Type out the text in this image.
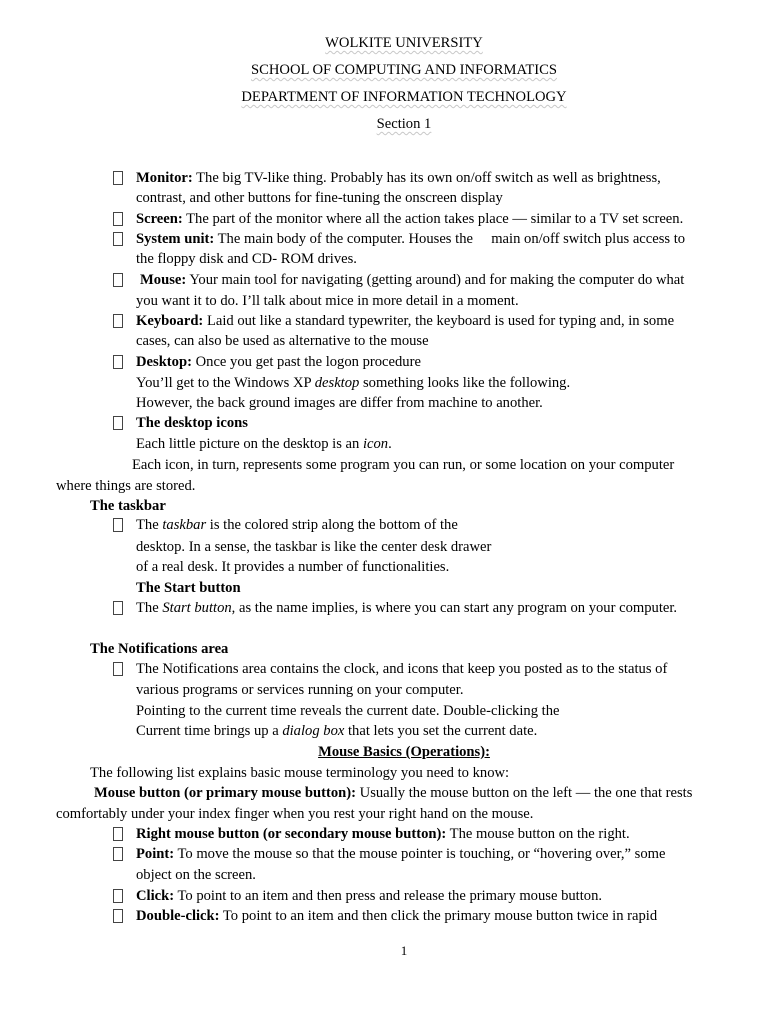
WOLKITE UNIVERSITY
SCHOOL OF COMPUTING AND INFORMATICS
DEPARTMENT OF INFORMATION TECHNOLOGY
Section 1
Monitor: The big TV-like thing. Probably has its own on/off switch as well as brightness,
contrast, and other buttons for fine-tuning the onscreen display
Screen: The part of the monitor where all the action takes place — similar to a TV set screen.
System unit: The main body of the computer. Houses the     main on/off switch plus access to
the floppy disk and CD- ROM drives.
Mouse: Your main tool for navigating (getting around) and for making the computer do what
you want it to do. I’ll talk about mice in more detail in a moment.
Keyboard: Laid out like a standard typewriter, the keyboard is used for typing and, in some
cases, can also be used as alternative to the mouse
Desktop: Once you get past the logon procedure
You’ll get to the Windows XP desktop something looks like the following.
However, the back ground images are differ from machine to another.
The desktop icons
Each little picture on the desktop is an icon.
Each icon, in turn, represents some program you can run, or some location on your computer
where things are stored.
The taskbar
The taskbar is the colored strip along the bottom of the
desktop. In a sense, the taskbar is like the center desk drawer
of a real desk. It provides a number of functionalities.
The Start button
The Start button, as the name implies, is where you can start any program on your computer.
The Notifications area
The Notifications area contains the clock, and icons that keep you posted as to the status of
various programs or services running on your computer.
Pointing to the current time reveals the current date. Double-clicking the
Current time brings up a dialog box that lets you set the current date.
Mouse Basics (Operations):
The following list explains basic mouse terminology you need to know:
Mouse button (or primary mouse button): Usually the mouse button on the left — the one that rests
comfortably under your index finger when you rest your right hand on the mouse.
Right mouse button (or secondary mouse button): The mouse button on the right.
Point: To move the mouse so that the mouse pointer is touching, or “hovering over,” some
object on the screen.
Click: To point to an item and then press and release the primary mouse button.
Double-click: To point to an item and then click the primary mouse button twice in rapid
1
